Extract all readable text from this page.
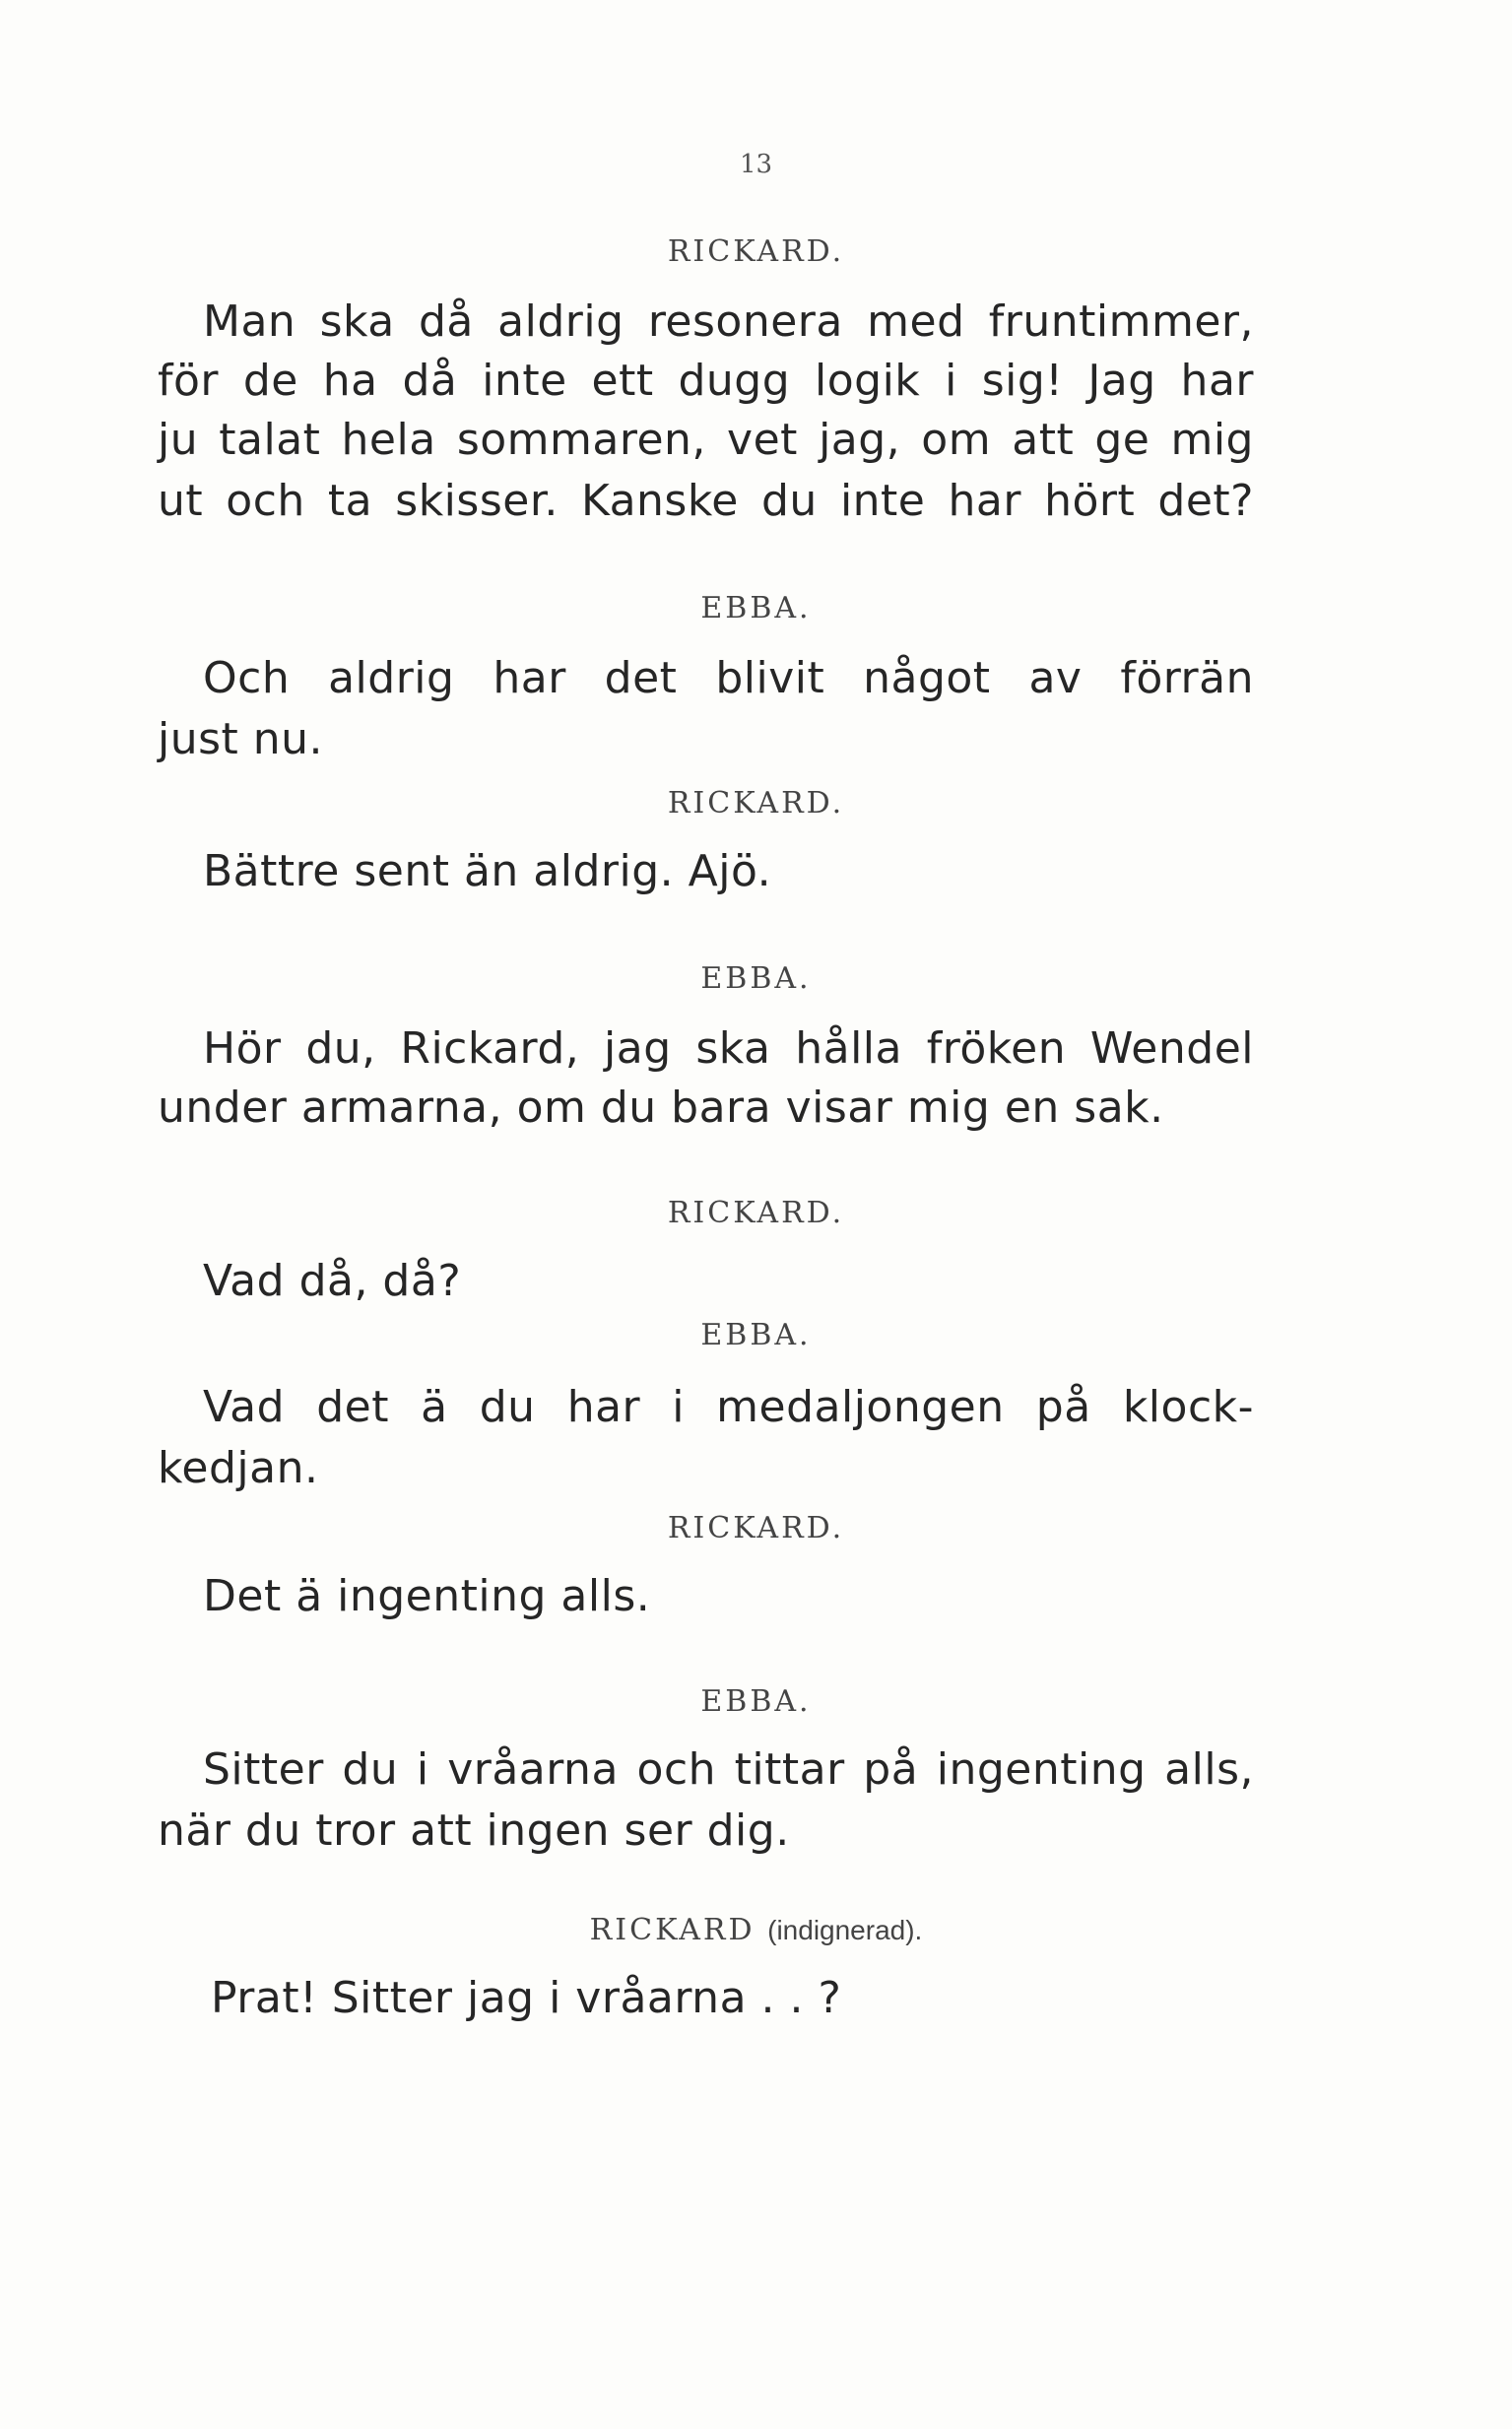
13
RICKARD.
Man ska då aldrig resonera med fruntimmer,
för de ha då inte ett dugg logik i sig! Jag har
ju talat hela sommaren, vet jag, om att ge mig
ut och ta skisser. Kanske du inte har hört det?
EBBA.
Och aldrig har det blivit något av förrän
just nu.
RICKARD.
Bättre sent än aldrig. Ajö.
EBBA.
Hör du, Rickard, jag ska hålla fröken Wendel
under armarna, om du bara visar mig en sak.
RICKARD.
Vad då, då?
EBBA.
Vad det ä du har i medaljongen på klock-
kedjan.
RICKARD.
Det ä ingenting alls.
EBBA.
Sitter du i vråarna och tittar på ingenting alls,
när du tror att ingen ser dig.
RICKARD (indignerad).
Prat! Sitter jag i vråarna . . ?
